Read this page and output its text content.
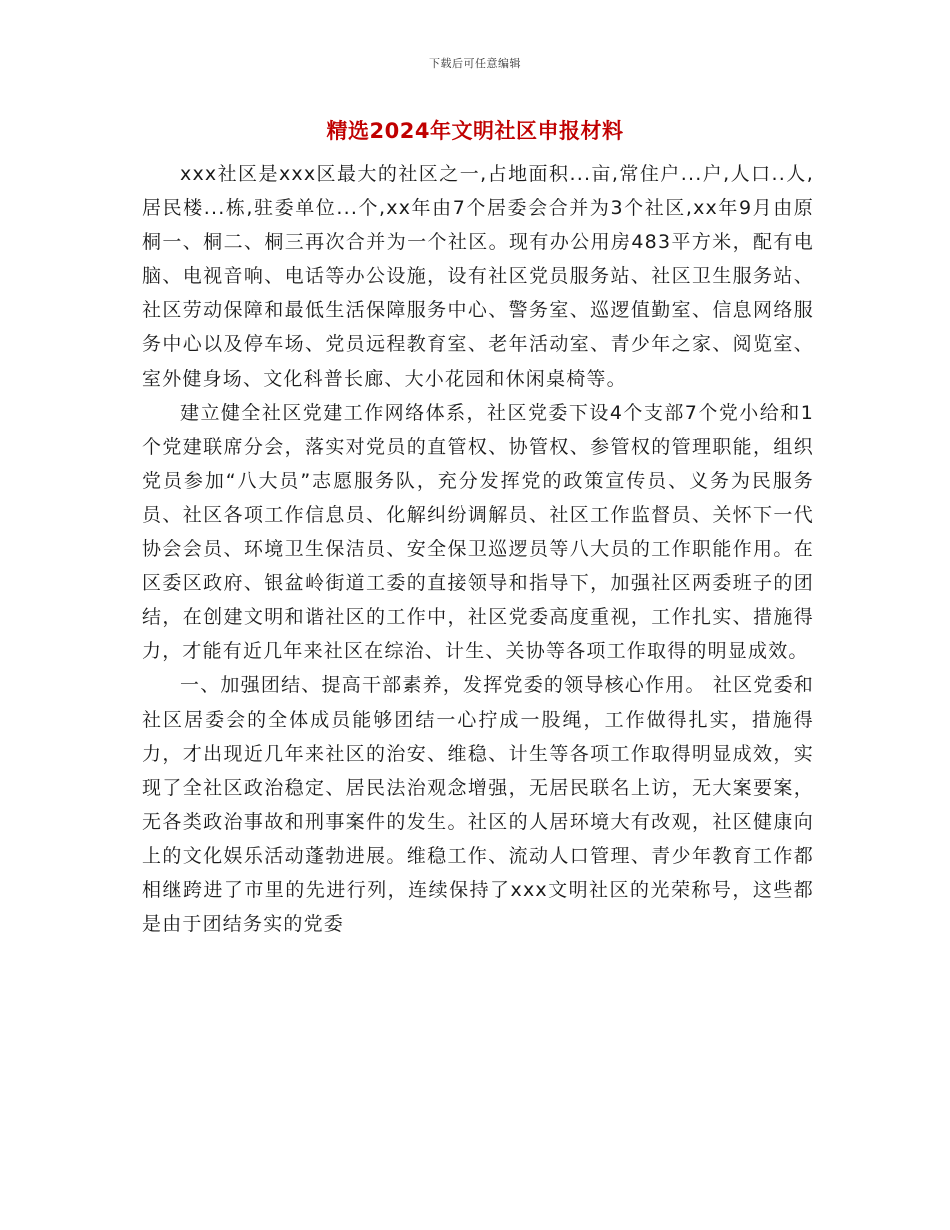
下载后可任意编辑
精选2024年文明社区申报材料

xxx社区是xxx区最大的社区之一,占地面积...亩,常住户...户,人口..人,居民楼...栋,驻委单位...个,xx年由7个居委会合并为3个社区,xx年9月由原桐一、桐二、桐三再次合并为一个社区。现有办公用房483平方米，配有电脑、电视音响、电话等办公设施，设有社区党员服务站、社区卫生服务站、社区劳动保障和最低生活保障服务中心、警务室、巡逻值勤室、信息网络服务中心以及停车场、党员远程教育室、老年活动室、青少年之家、阅览室、室外健身场、文化科普长廊、大小花园和休闲桌椅等。

建立健全社区党建工作网络体系，社区党委下设4个支部7个党小给和1个党建联席分会，落实对党员的直管权、协管权、参管权的管理职能，组织党员参加“八大员”志愿服务队，充分发挥党的政策宣传员、义务为民服务员、社区各项工作信息员、化解纠纷调解员、社区工作监督员、关怀下一代协会会员、环境卫生保洁员、安全保卫巡逻员等八大员的工作职能作用。在区委区政府、银盆岭街道工委的直接领导和指导下，加强社区两委班子的团结，在创建文明和谐社区的工作中，社区党委高度重视，工作扎实、措施得力，才能有近几年来社区在综治、计生、关协等各项工作取得的明显成效。

一、加强团结、提高干部素养，发挥党委的领导核心作用。 社区党委和社区居委会的全体成员能够团结一心拧成一股绳，工作做得扎实，措施得力，才出现近几年来社区的治安、维稳、计生等各项工作取得明显成效，实现了全社区政治稳定、居民法治观念增强，无居民联名上访，无大案要案，无各类政治事故和刑事案件的发生。社区的人居环境大有改观，社区健康向上的文化娱乐活动蓬勃进展。维稳工作、流动人口管理、青少年教育工作都相继跨进了市里的先进行列，连续保持了xxx文明社区的光荣称号，这些都是由于团结务实的党委
